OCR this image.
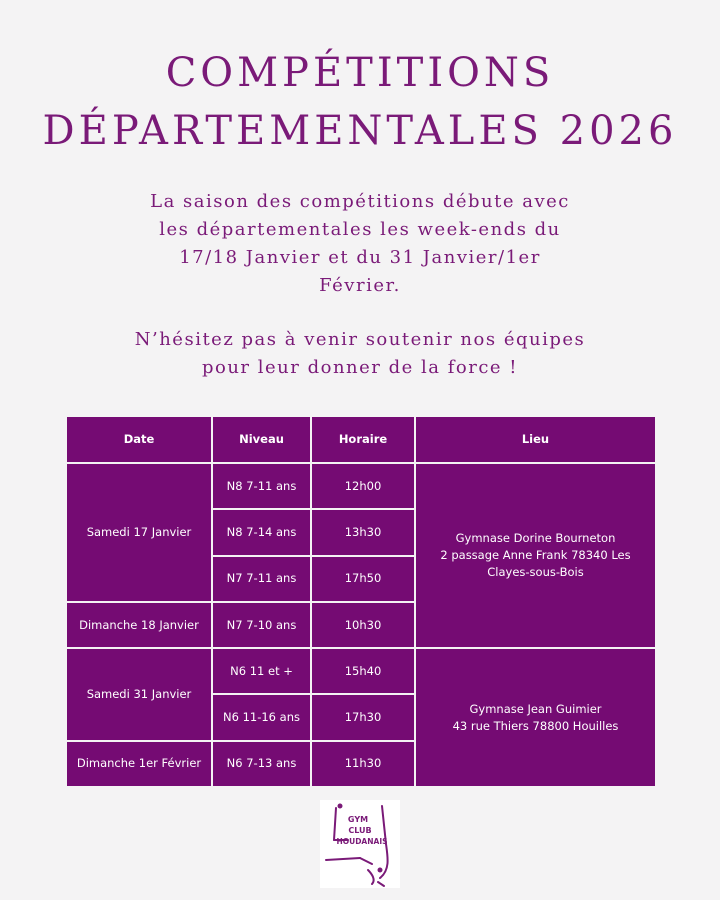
COMPÉTITIONS
DÉPARTEMENTALES 2026
La saison des compétitions débute avec
les départementales les week-ends du
17/18 Janvier et du 31 Janvier/1er
Février.
N’hésitez pas à venir soutenir nos équipes
pour leur donner de la force !
Date	Niveau	Horaire	Lieu
Samedi 17 Janvier	N8 7-11 ans	12h00	Gymnase Dorine Bourneton
2 passage Anne Frank 78340 Les
Clayes-sous-Bois

	N8 7-14 ans	13h30	
	N7 7-11 ans	17h50	
Dimanche 18 Janvier	N7 7-10 ans	10h30	
Samedi 31 Janvier	N6 11 et +	15h40	Gymnase Jean Guimier
43 rue Thiers 78800 Houilles

	N6 11-16 ans	17h30	
Dimanche 1er Février	N6 7-13 ans	11h30	
GYM
CLUB
HOUDANAIS
